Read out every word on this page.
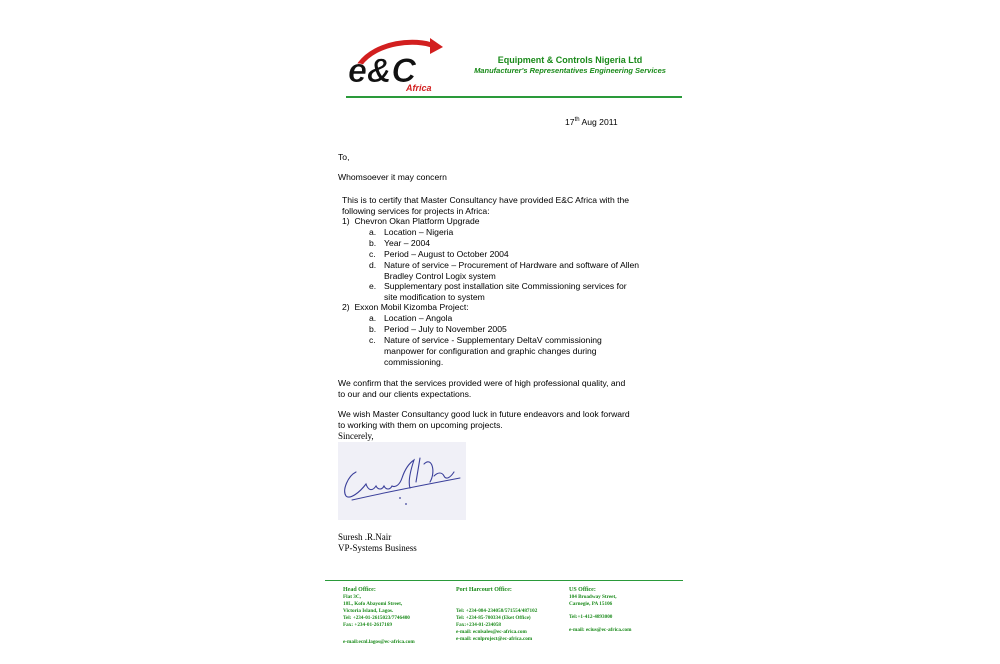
e&C
Africa
Equipment & Controls Nigeria Ltd
Manufacturer's Representatives Engineering Services
17th Aug 2011
To,
Whomsoever it may concern
This is to certify that Master Consultancy have provided E&C Africa with the
following services for projects in Africa:
1) Chevron Okan Platform Upgrade
a. Location – Nigeria
b. Year – 2004
c. Period – August to October 2004
d. Nature of service – Procurement of Hardware and software of Allen
Bradley Control Logix system
e. Supplementary post installation site Commissioning services for
site modification to system
2) Exxon Mobil Kizomba Project:
a. Location – Angola
b. Period – July to November 2005
c. Nature of service - Supplementary DeltaV commissioning
manpower for configuration and graphic changes during
commissioning.
We confirm that the services provided were of high professional quality, and
to our and our clients expectations.
We wish Master Consultancy good luck in future endeavors and look forward
to working with them on upcoming projects.
Sincerely,
Suresh .R.Nair
VP-Systems Business
Head Office:
Flat 3C,
18L, Kofo Abayomi Street,
Victoria Island, Lagos.
Tel: +234-01-2615023/7746400
Fax: +234-01-2617169
e-mail:ecnl.lagos@ec-africa.com
Port Harcourt Office:
Tel: +234-084-234058/571554/487102
Tel: +234-85-700334 (Eket Office)
Fax:+234-01-234058
e-mail: ecnlsales@ec-africa.com
e-mail: ecnlproject@ec-africa.com
US Office:
104 Broadway Street,
Carnegie, PA 15106
Tel:+1-412-4893000
e-mail: ecius@ec-africa.com
